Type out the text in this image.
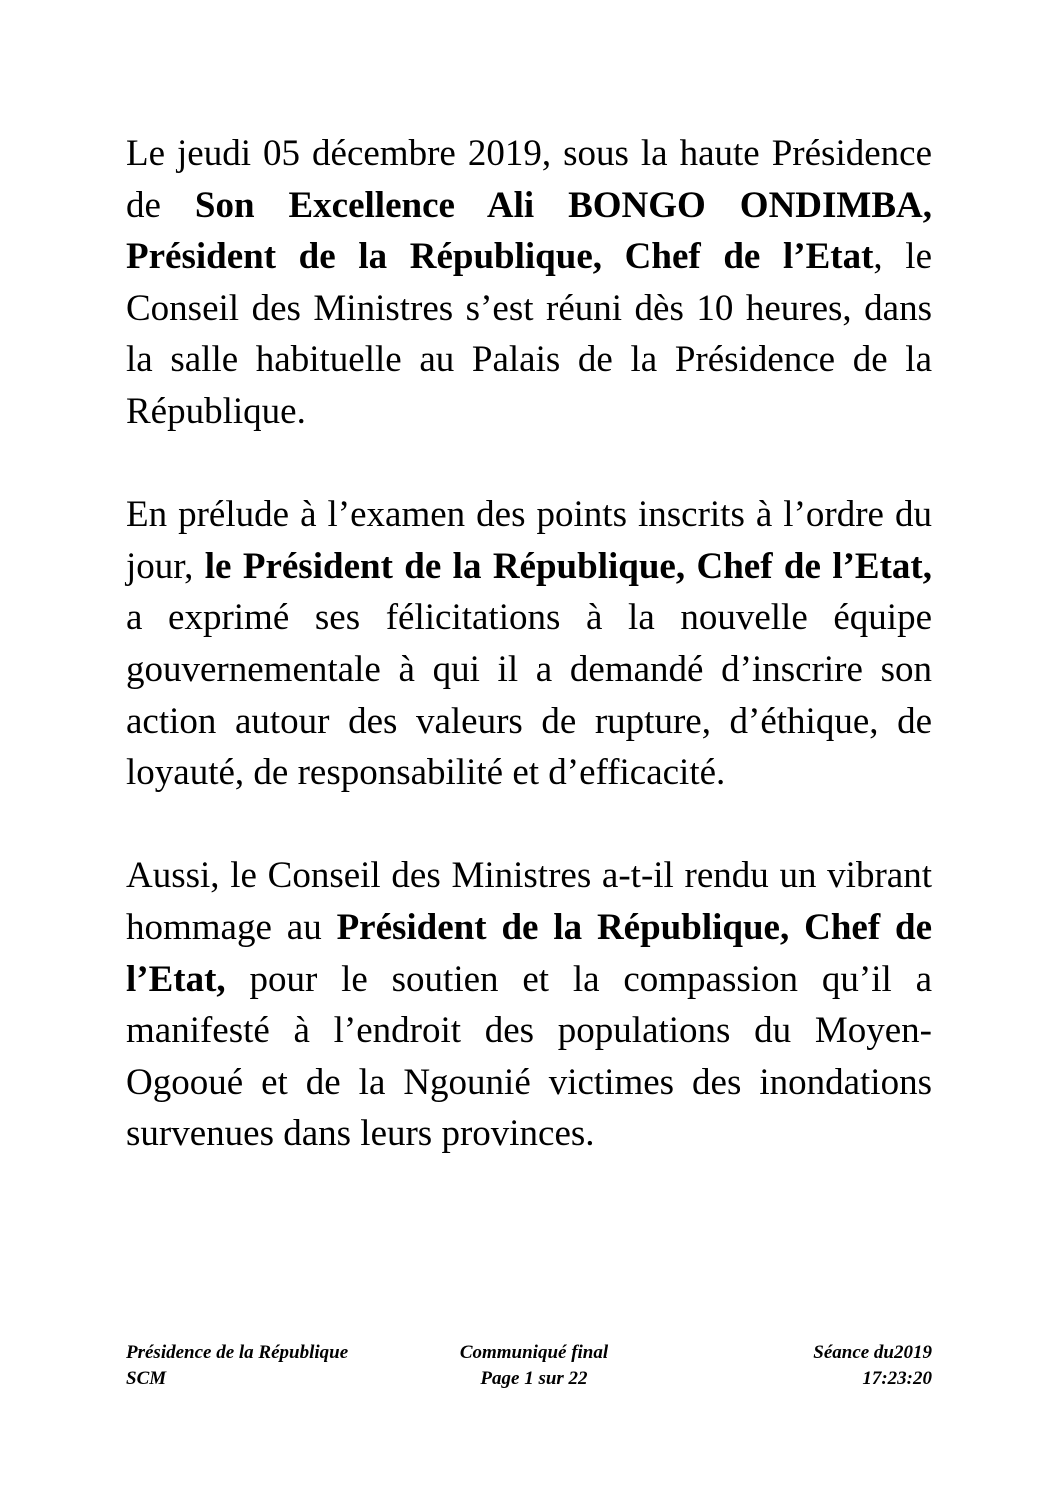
Le jeudi 05 décembre 2019, sous la haute Présidence de Son Excellence Ali BONGO ONDIMBA, Président de la République, Chef de l’Etat, le Conseil des Ministres s’est réuni dès 10 heures, dans la salle habituelle au Palais de la Présidence de la République.

En prélude à l’examen des points inscrits à l’ordre du jour, le Président de la République, Chef de l’Etat, a exprimé ses félicitations à la nouvelle équipe gouvernementale à qui il a demandé d’inscrire son action autour des valeurs de rupture, d’éthique, de loyauté, de responsabilité et d’efficacité.

Aussi, le Conseil des Ministres a-t-il rendu un vibrant hommage au Président de la République, Chef de l’Etat, pour le soutien et la compassion qu’il a manifesté à l’endroit des populations du Moyen-Ogooué et de la Ngounié victimes des inondations survenues dans leurs provinces.

Présidence de la République
SCM
Communiqué final
Page 1 sur 22
Séance du2019
17:23:20
